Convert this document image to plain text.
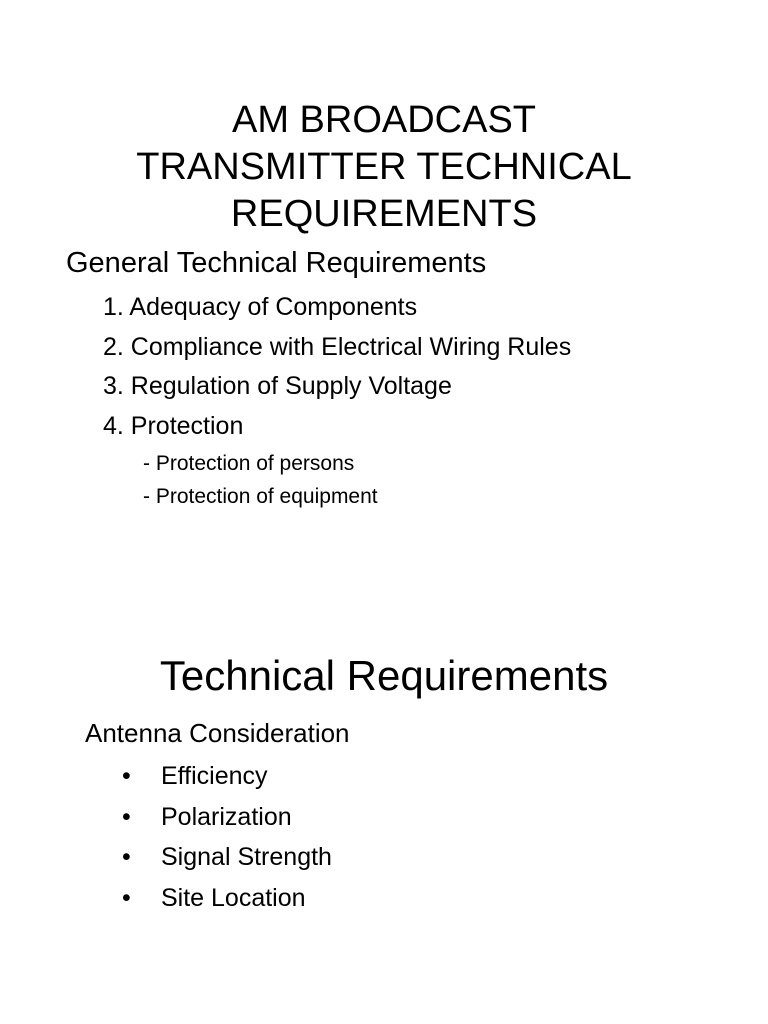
AM BROADCAST
TRANSMITTER TECHNICAL
REQUIREMENTS
General Technical Requirements
1. Adequacy of Components
2. Compliance with Electrical Wiring Rules
3. Regulation of Supply Voltage
4. Protection
- Protection of persons
- Protection of equipment
Technical Requirements
Antenna Consideration
•	Efficiency
•	Polarization
•	Signal Strength
•	Site Location
